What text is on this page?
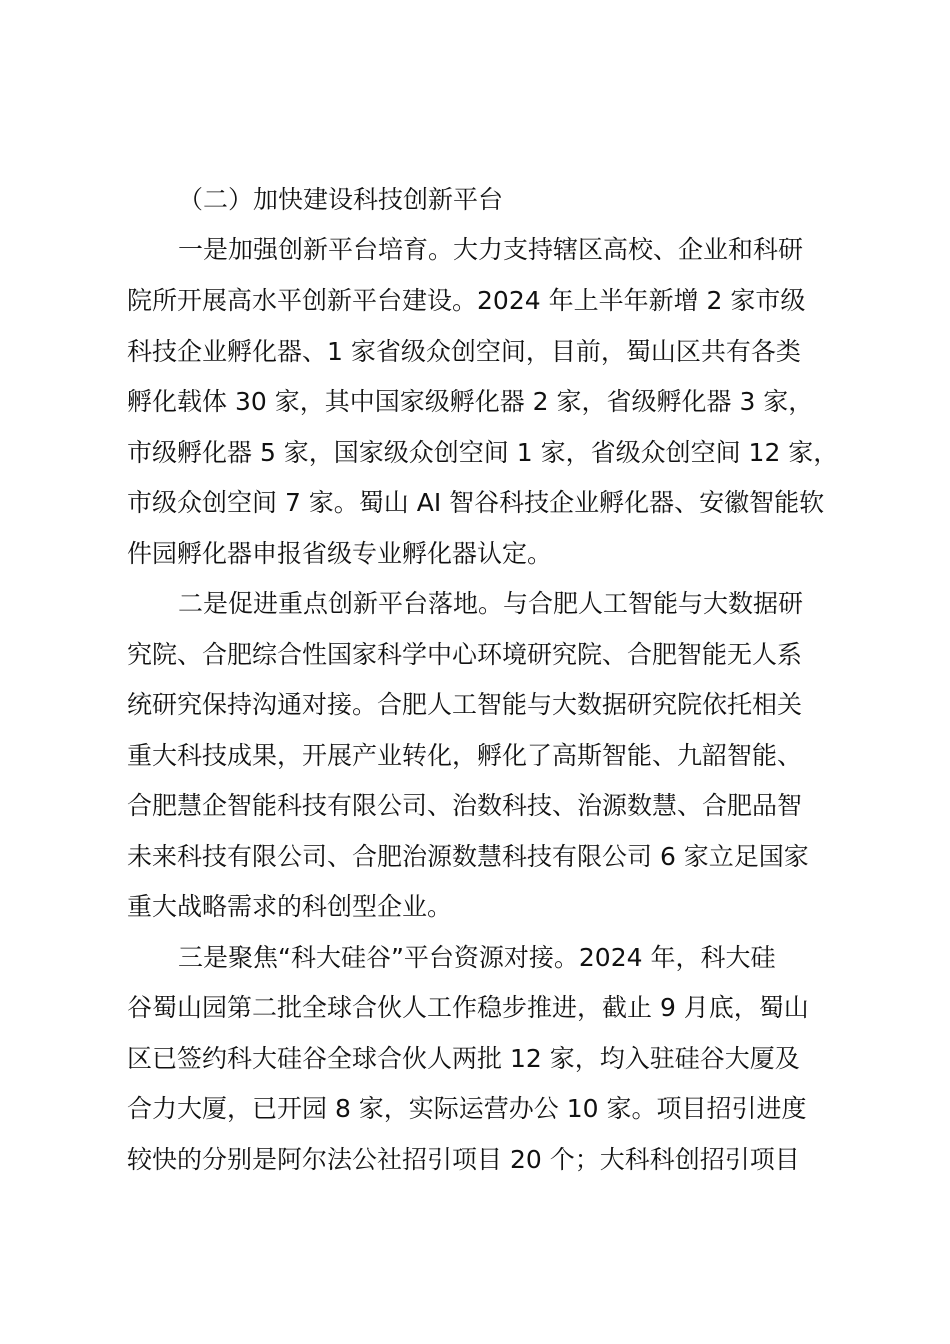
（二）加快建设科技创新平台
一是加强创新平台培育。大力支持辖区高校、企业和科研
院所开展高水平创新平台建设。2024 年上半年新增 2 家市级
科技企业孵化器、1 家省级众创空间，目前，蜀山区共有各类
孵化载体 30 家，其中国家级孵化器 2 家，省级孵化器 3 家，
市级孵化器 5 家，国家级众创空间 1 家，省级众创空间 12 家，
市级众创空间 7 家。蜀山 AI 智谷科技企业孵化器、安徽智能软
件园孵化器申报省级专业孵化器认定。
二是促进重点创新平台落地。与合肥人工智能与大数据研
究院、合肥综合性国家科学中心环境研究院、合肥智能无人系
统研究保持沟通对接。合肥人工智能与大数据研究院依托相关
重大科技成果，开展产业转化，孵化了高斯智能、九韶智能、
合肥慧企智能科技有限公司、治数科技、治源数慧、合肥品智
未来科技有限公司、合肥治源数慧科技有限公司 6 家立足国家
重大战略需求的科创型企业。
三是聚焦“科大硅谷”平台资源对接。2024 年，科大硅
谷蜀山园第二批全球合伙人工作稳步推进，截止 9 月底，蜀山
区已签约科大硅谷全球合伙人两批 12 家，均入驻硅谷大厦及
合力大厦，已开园 8 家，实际运营办公 10 家。项目招引进度
较快的分别是阿尔法公社招引项目 20 个；大科科创招引项目
